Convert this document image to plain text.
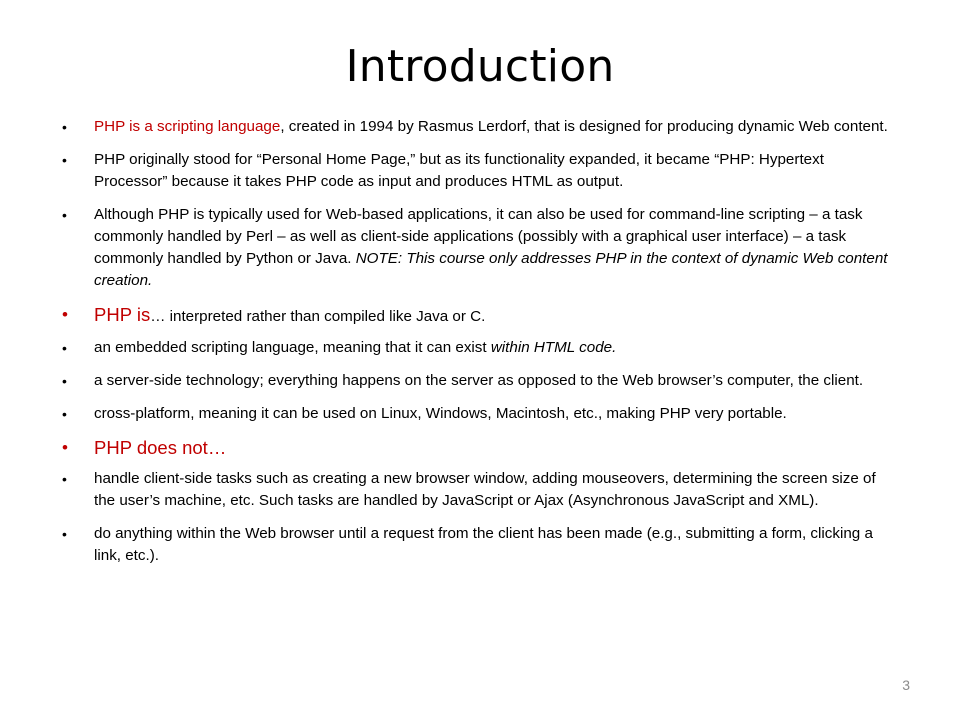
Introduction
•	PHP is a scripting language, created in 1994 by Rasmus Lerdorf, that is designed for producing dynamic Web content.
•	PHP originally stood for “Personal Home Page,” but as its functionality expanded, it became “PHP: Hypertext Processor” because it takes PHP code as input and produces HTML as output.
•	Although PHP is typically used for Web-based applications, it can also be used for command-line scripting – a task commonly handled by Perl – as well as client-side applications (possibly with a graphical user interface) – a task commonly handled by Python or Java. NOTE: This course only addresses PHP in the context of dynamic Web content creation.
•	PHP is… interpreted rather than compiled like Java or C.
•	an embedded scripting language, meaning that it can exist within HTML code.
•	a server-side technology; everything happens on the server as opposed to the Web browser’s computer, the client.
•	cross-platform, meaning it can be used on Linux, Windows, Macintosh, etc., making PHP very portable.
•	PHP does not…
•	handle client-side tasks such as creating a new browser window, adding mouseovers, determining the screen size of the user’s machine, etc. Such tasks are handled by JavaScript or Ajax (Asynchronous JavaScript and XML).
•	do anything within the Web browser until a request from the client has been made (e.g., submitting a form, clicking a link, etc.).
3
